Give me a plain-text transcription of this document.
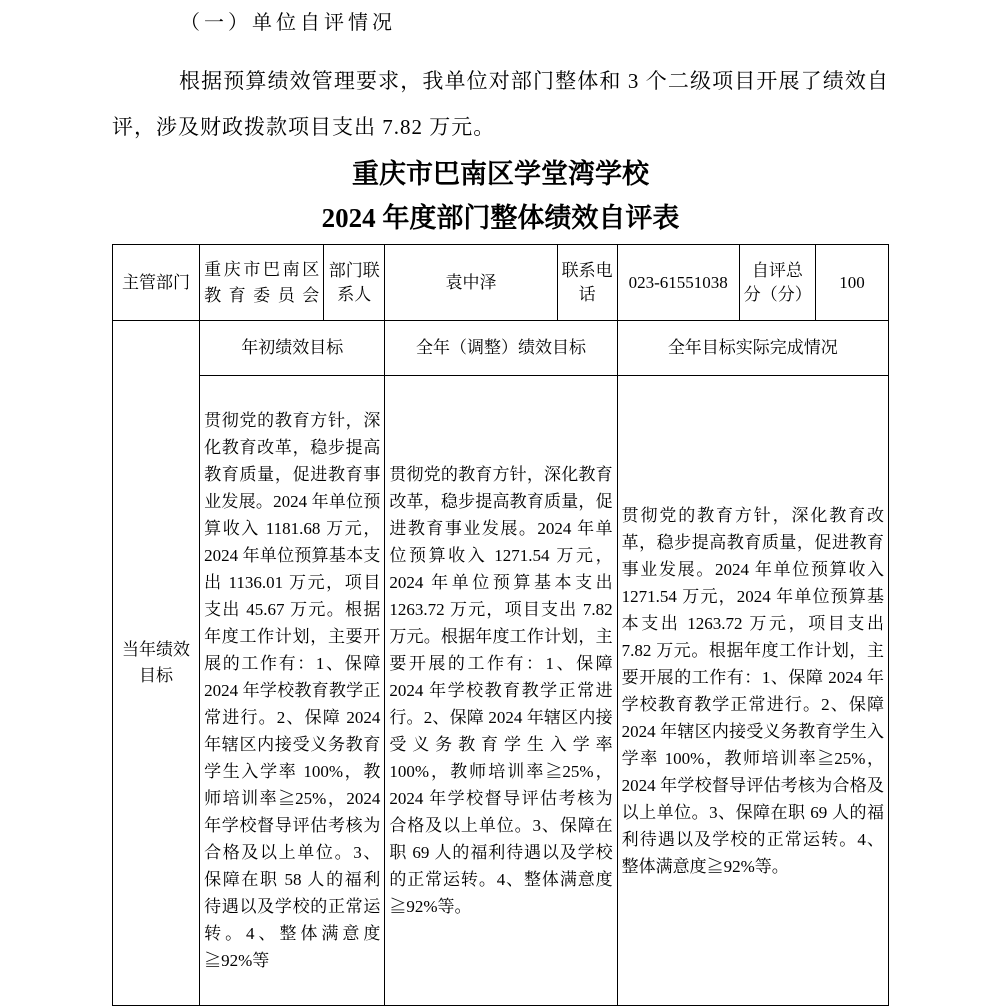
（一）单位自评情况

根据预算绩效管理要求，我单位对部门整体和 3 个二级项目开展了绩效自评，涉及财政拨款项目支出 7.82 万元。

重庆市巴南区学堂湾学校
2024 年度部门整体绩效自评表
主管部门	重庆市巴南区教育委员会	部门联系人	袁中泽	联系电话	023-61551038	自评总分（分）	100
当年绩效目标	年初绩效目标		全年（调整）绩效目标		全年目标实际完成情况		
贯彻党的教育方针，深化教育改革，稳步提高教育质量，促进教育事业发展。2024 年单位预算收入 1181.68 万元，2024 年单位预算基本支出 1136.01 万元，项目支出 45.67 万元。根据年度工作计划，主要开展的工作有：1、保障 2024 年学校教育教学正常进行。2、保障 2024 年辖区内接受义务教育学生入学率 100%，教师培训率≧25%，2024 年学校督导评估考核为合格及以上单位。3、保障在职 58 人的福利待遇以及学校的正常运转。4、整体满意度≧92%等	贯彻党的教育方针，深化教育改革，稳步提高教育质量，促进教育事业发展。2024 年单位预算收入 1271.54 万元，2024 年单位预算基本支出 1263.72 万元，项目支出 7.82 万元。根据年度工作计划，主要开展的工作有：1、保障 2024 年学校教育教学正常进行。2、保障 2024 年辖区内接受义务教育学生入学率 100%，教师培训率≧25%，2024 年学校督导评估考核为合格及以上单位。3、保障在职 69 人的福利待遇以及学校的正常运转。4、整体满意度≧92%等。	贯彻党的教育方针，深化教育改革，稳步提高教育质量，促进教育事业发展。2024 年单位预算收入 1271.54 万元，2024 年单位预算基本支出 1263.72 万元，项目支出 7.82 万元。根据年度工作计划，主要开展的工作有：1、保障 2024 年学校教育教学正常进行。2、保障 2024 年辖区内接受义务教育学生入学率 100%，教师培训率≧25%，2024 年学校督导评估考核为合格及以上单位。3、保障在职 69 人的福利待遇以及学校的正常运转。4、整体满意度≧92%等。
